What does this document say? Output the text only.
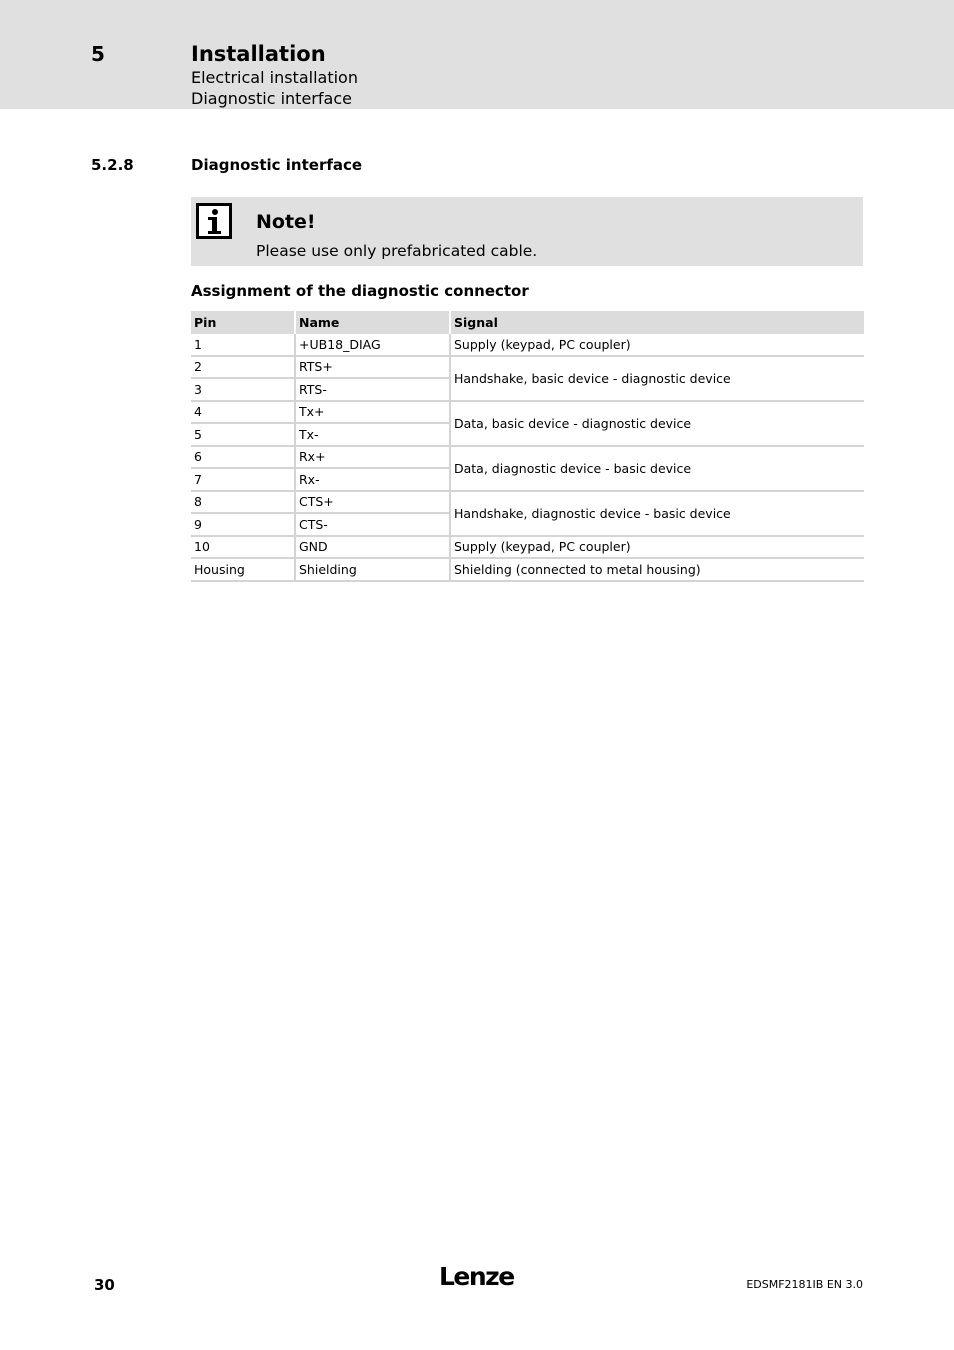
5	Installation
Electrical installation
Diagnostic interface
5.2.8	Diagnostic interface
Note!
Please use only prefabricated cable.
Assignment of the diagnostic connector
Pin	Name	Signal
1	+UB18_DIAG	Supply (keypad, PC coupler)
2	RTS+	Handshake, basic device - diagnostic device
3	RTS-	
4	Tx+	Data, basic device - diagnostic device
5	Tx-	
6	Rx+	Data, diagnostic device - basic device
7	Rx-	
8	CTS+	Handshake, diagnostic device - basic device
9	CTS-	
10	GND	Supply (keypad, PC coupler)
Housing	Shielding	Shielding (connected to metal housing)
30	Lenze	EDSMF2181IB EN 3.0
